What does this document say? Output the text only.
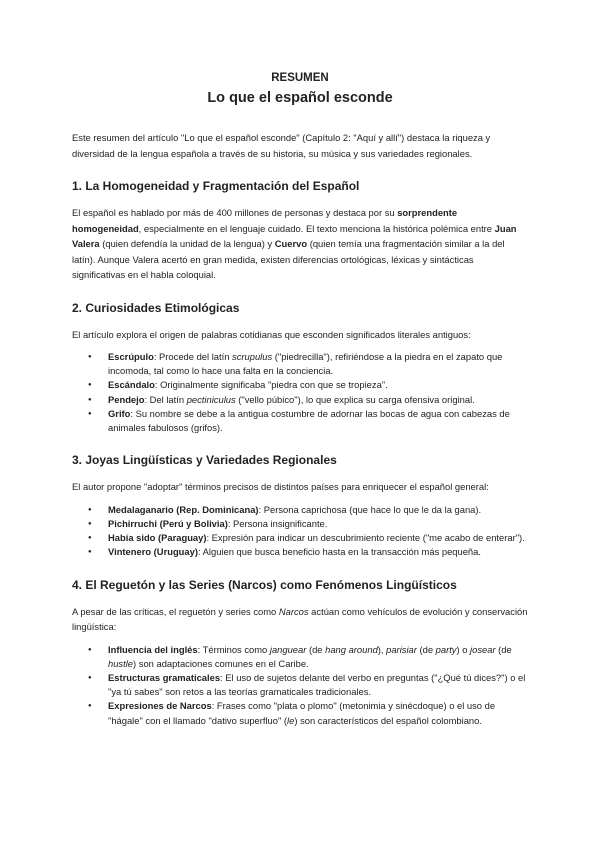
RESUMEN

Lo que el español esconde

Este resumen del artículo "Lo que el español esconde" (Capítulo 2: "Aquí y allí") destaca la riqueza y diversidad de la lengua española a través de su historia, su música y sus variedades regionales.

1. La Homogeneidad y Fragmentación del Español

El español es hablado por más de 400 millones de personas y destaca por su sorprendente homogeneidad, especialmente en el lenguaje cuidado. El texto menciona la histórica polémica entre Juan Valera (quien defendía la unidad de la lengua) y Cuervo (quien temía una fragmentación similar a la del latín). Aunque Valera acertó en gran medida, existen diferencias ortológicas, léxicas y sintácticas significativas en el habla coloquial.

2. Curiosidades Etimológicas

El artículo explora el origen de palabras cotidianas que esconden significados literales antiguos:

● Escrúpulo: Procede del latín scrupulus ("piedrecilla"), refiriéndose a la piedra en el zapato que incomoda, tal como lo hace una falta en la conciencia.
● Escándalo: Originalmente significaba "piedra con que se tropieza".
● Pendejo: Del latín pectiniculus ("vello púbico"), lo que explica su carga ofensiva original.
● Grifo: Su nombre se debe a la antigua costumbre de adornar las bocas de agua con cabezas de animales fabulosos (grifos).
3. Joyas Lingüísticas y Variedades Regionales

El autor propone "adoptar" términos precisos de distintos países para enriquecer el español general:

● Medalaganario (Rep. Dominicana): Persona caprichosa (que hace lo que le da la gana).
● Pichirruchi (Perú y Bolivia): Persona insignificante.
● Había sido (Paraguay): Expresión para indicar un descubrimiento reciente ("me acabo de enterar").
● Vintenero (Uruguay): Alguien que busca beneficio hasta en la transacción más pequeña.
4. El Reguetón y las Series (Narcos) como Fenómenos Lingüísticos

A pesar de las críticas, el reguetón y series como Narcos actúan como vehículos de evolución y conservación lingüística:

● Influencia del inglés: Términos como janguear (de hang around), parisiar (de party) o josear (de hustle) son adaptaciones comunes en el Caribe.
● Estructuras gramaticales: El uso de sujetos delante del verbo en preguntas ("¿Qué tú dices?") o el "ya tú sabes" son retos a las teorías gramaticales tradicionales.
● Expresiones de Narcos: Frases como "plata o plomo" (metonimia y sinécdoque) o el uso de "hágale" con el llamado "dativo superfluo" (le) son característicos del español colombiano.
